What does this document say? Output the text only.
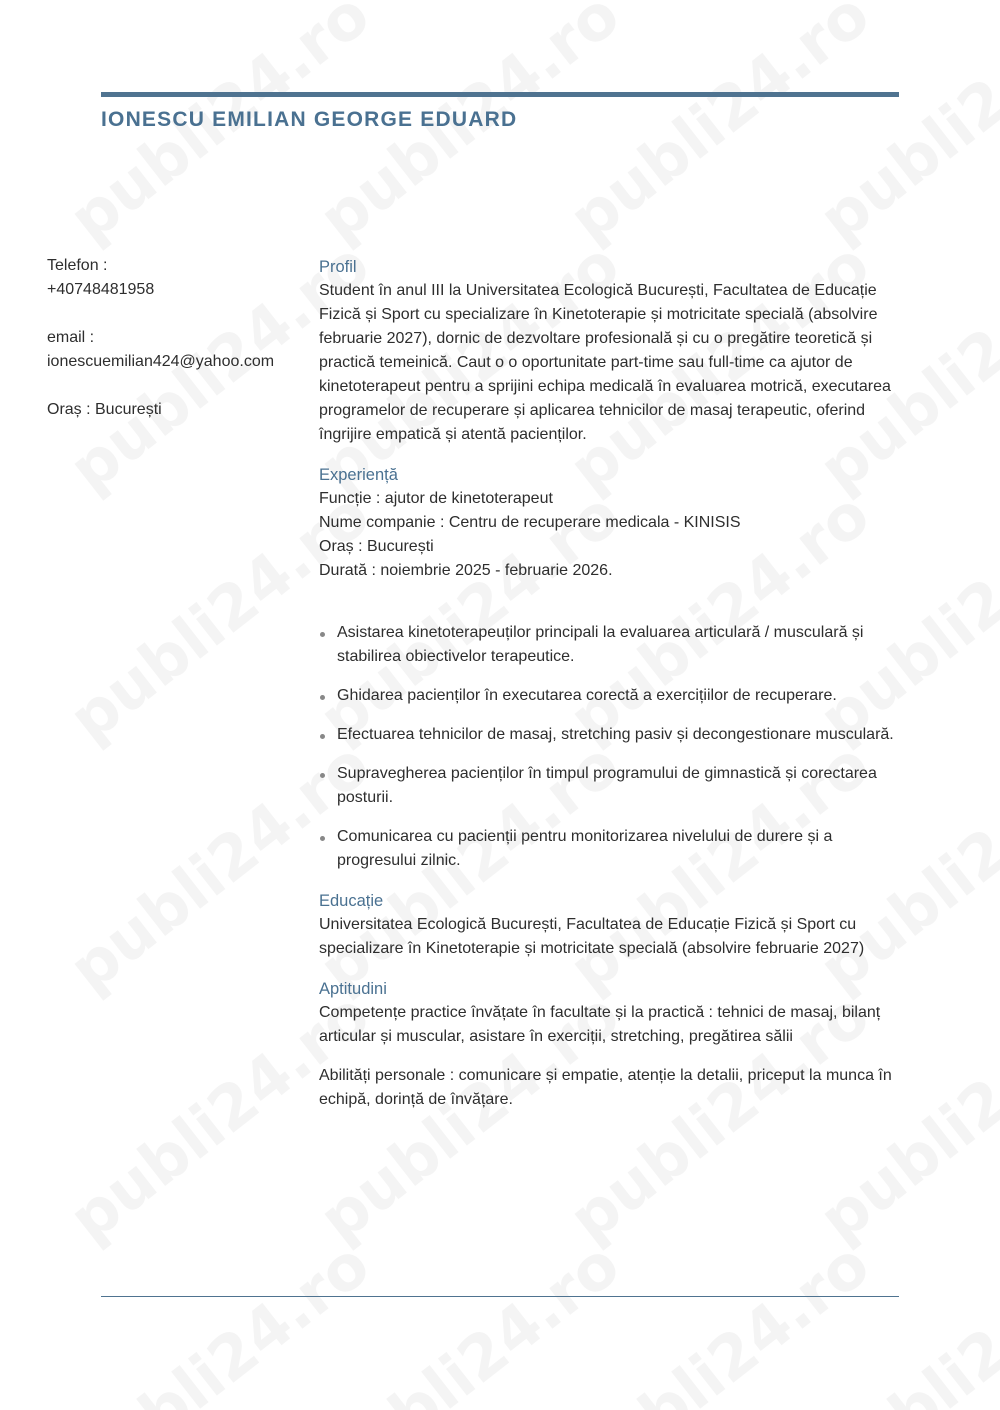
IONESCU EMILIAN GEORGE EDUARD

Telefon :

+40748481958

email :

ionescuemilian424@yahoo.com

Oraș : București

Profil

Student în anul III la Universitatea Ecologică București, Facultatea de Educație Fizică și Sport cu specializare în Kinetoterapie și motricitate specială (absolvire februarie 2027), dornic de dezvoltare profesională și cu o pregătire teoretică și practică temeinică. Caut o o oportunitate part-time sau full-time ca ajutor de kinetoterapeut pentru a sprijini echipa medicală în evaluarea motrică, executarea programelor de recuperare și aplicarea tehnicilor de masaj terapeutic, oferind îngrijire empatică și atentă pacienților.

Experiență

Funcție : ajutor de kinetoterapeut

Nume companie : Centru de recuperare medicala - KINISIS

Oraș : București

Durată : noiembrie 2025 - februarie 2026.

Asistarea kinetoterapeuților principali la evaluarea articulară / musculară și stabilirea obiectivelor terapeutice.
Ghidarea pacienților în executarea corectă a exercițiilor de recuperare.
Efectuarea tehnicilor de masaj, stretching pasiv și decongestionare musculară.
Supravegherea pacienților în timpul programului de gimnastică și corectarea posturii.
Comunicarea cu pacienții pentru monitorizarea nivelului de durere și a progresului zilnic.
Educație

Universitatea Ecologică București, Facultatea de Educație Fizică și Sport cu specializare în Kinetoterapie și motricitate specială (absolvire februarie 2027)

Aptitudini

Competențe practice învățate în facultate și la practică : tehnici de masaj, bilanț articular și muscular, asistare în exerciții, stretching, pregătirea sălii

Abilități personale : comunicare și empatie, atenție la detalii, priceput la munca în echipă, dorință de învățare.
